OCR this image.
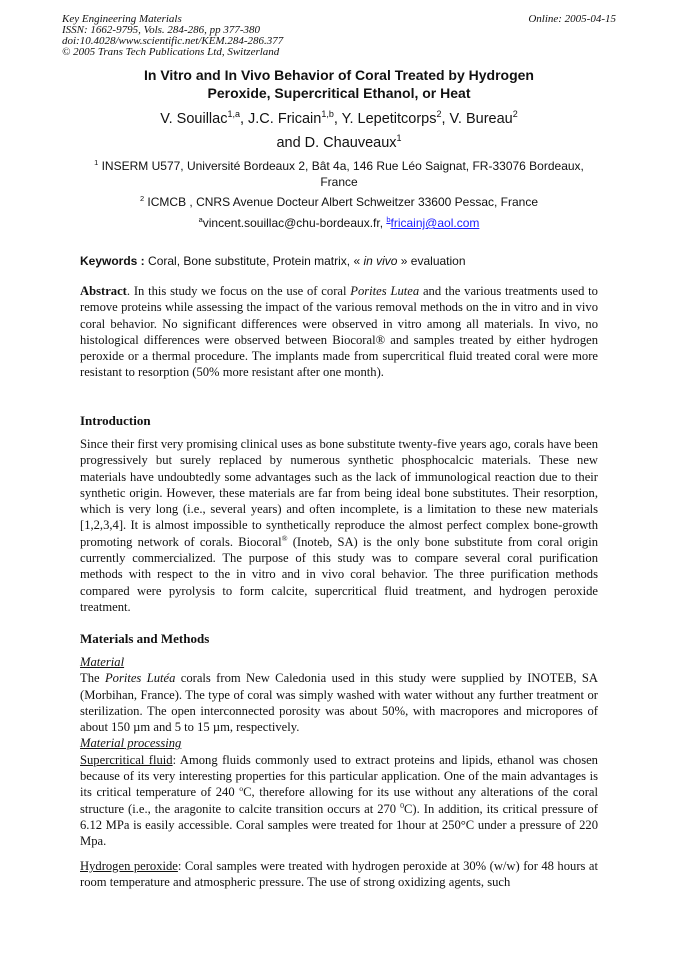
Key Engineering Materials
ISSN: 1662-9795, Vols. 284-286, pp 377-380
doi:10.4028/www.scientific.net/KEM.284-286.377
© 2005 Trans Tech Publications Ltd, Switzerland
Online: 2005-04-15
In Vitro and In Vivo Behavior of Coral Treated by Hydrogen
Peroxide, Supercritical Ethanol, or Heat
V. Souillac$^{1,a}$, J.C. Fricain$^{1,b}$, Y. Lepetitcorps$^2$, V. Bureau$^2$
and D. Chauveaux$^1$
$^1$ INSERM U577, Université Bordeaux 2, Bât 4a, 146 Rue Léo Saignat, FR-33076 Bordeaux,
France
$^2$ ICMCB , CNRS Avenue Docteur Albert Schweitzer 33600 Pessac, France
$^a$vincent.souillac@chu-bordeaux.fr, $^b$fricainj@aol.com
Keywords : Coral, Bone substitute, Protein matrix, « in vivo » evaluation
Abstract. In this study we focus on the use of coral Porites Lutea and the various treatments used to remove proteins while assessing the impact of the various removal methods on the in vitro and in vivo coral behavior. No significant differences were observed in vitro among all materials. In vivo, no histological differences were observed between Biocoral® and samples treated by either hydrogen peroxide or a thermal procedure. The implants made from supercritical fluid treated coral were more resistant to resorption (50% more resistant after one month).
Introduction
Since their first very promising clinical uses as bone substitute twenty-five years ago, corals have been progressively but surely replaced by numerous synthetic phosphocalcic materials. These new materials have undoubtedly some advantages such as the lack of immunological reaction due to their synthetic origin. However, these materials are far from being ideal bone substitutes. Their resorption, which is very long (i.e., several years) and often incomplete, is a limitation to these new materials [1,2,3,4]. It is almost impossible to synthetically reproduce the almost perfect complex bone-growth promoting network of corals. Biocoral® (Inoteb, SA) is the only bone substitute from coral origin currently commercialized. The purpose of this study was to compare several coral purification methods with respect to the in vitro and in vivo coral behavior. The three purification methods compared were pyrolysis to form calcite, supercritical fluid treatment, and hydrogen peroxide treatment.
Materials and Methods
Material
The Porites Lutéa corals from New Caledonia used in this study were supplied by INOTEB, SA (Morbihan, France). The type of coral was simply washed with water without any further treatment or sterilization. The open interconnected porosity was about 50%, with macropores and micropores of about 150 µm and 5 to 15 µm, respectively.
Material processing
Supercritical fluid: Among fluids commonly used to extract proteins and lipids, ethanol was chosen because of its very interesting properties for this particular application. One of the main advantages is its critical temperature of 240 $^o$C, therefore allowing for its use without any alterations of the coral structure (i.e., the aragonite to calcite transition occurs at 270 $^0$C). In addition, its critical pressure of 6.12 MPa is easily accessible. Coral samples were treated for 1hour at 250°C under a pressure of 220 Mpa.
Hydrogen peroxide: Coral samples were treated with hydrogen peroxide at 30% (w/w) for 48 hours at room temperature and atmospheric pressure. The use of strong oxidizing agents, such
